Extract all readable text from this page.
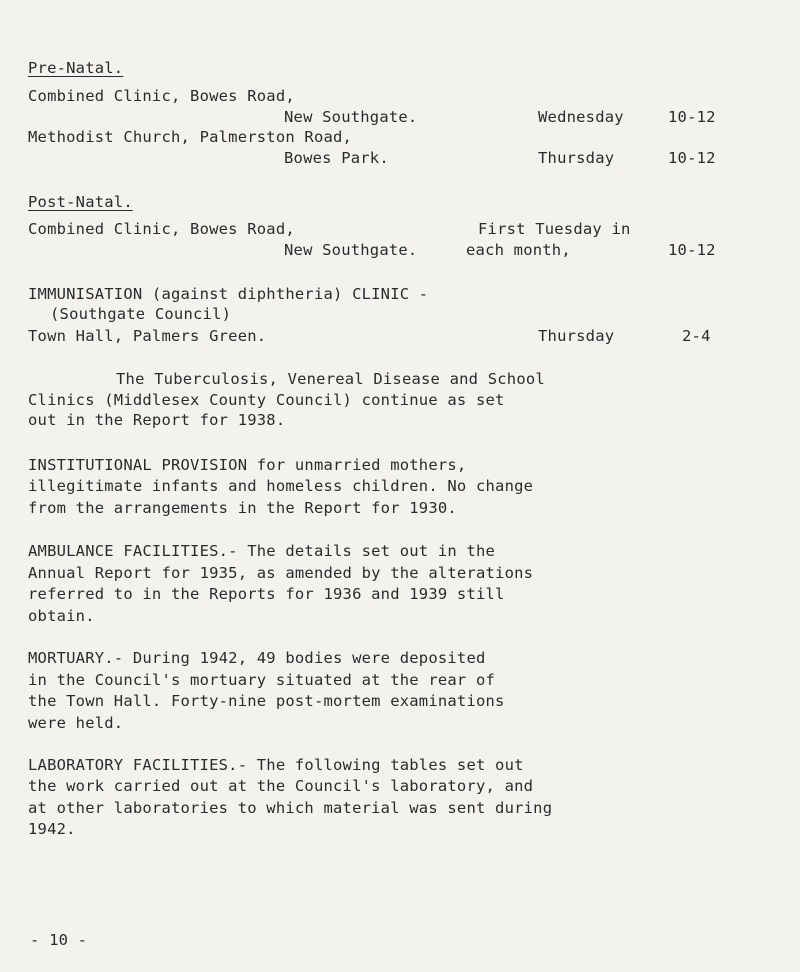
Pre-Natal.
Combined Clinic, Bowes Road,
New Southgate.	Wednesday	10-12
Methodist Church, Palmerston Road,
Bowes Park.	Thursday	10-12
Post-Natal.
Combined Clinic, Bowes Road,	First Tuesday in
New Southgate.	each month,	10-12
IMMUNISATION (against diphtheria) CLINIC -
(Southgate Council)
Town Hall, Palmers Green.	Thursday	2-4
The Tuberculosis, Venereal Disease and School
Clinics (Middlesex County Council) continue as set
out in the Report for 1938.
INSTITUTIONAL PROVISION for unmarried mothers,
illegitimate infants and homeless children. No change
from the arrangements in the Report for 1930.
AMBULANCE FACILITIES.- The details set out in the
Annual Report for 1935, as amended by the alterations
referred to in the Reports for 1936 and 1939 still
obtain.
MORTUARY.- During 1942, 49 bodies were deposited
in the Council's mortuary situated at the rear of
the Town Hall. Forty-nine post-mortem examinations
were held.
LABORATORY FACILITIES.- The following tables set out
the work carried out at the Council's laboratory, and
at other laboratories to which material was sent during
1942.
- 10 -
